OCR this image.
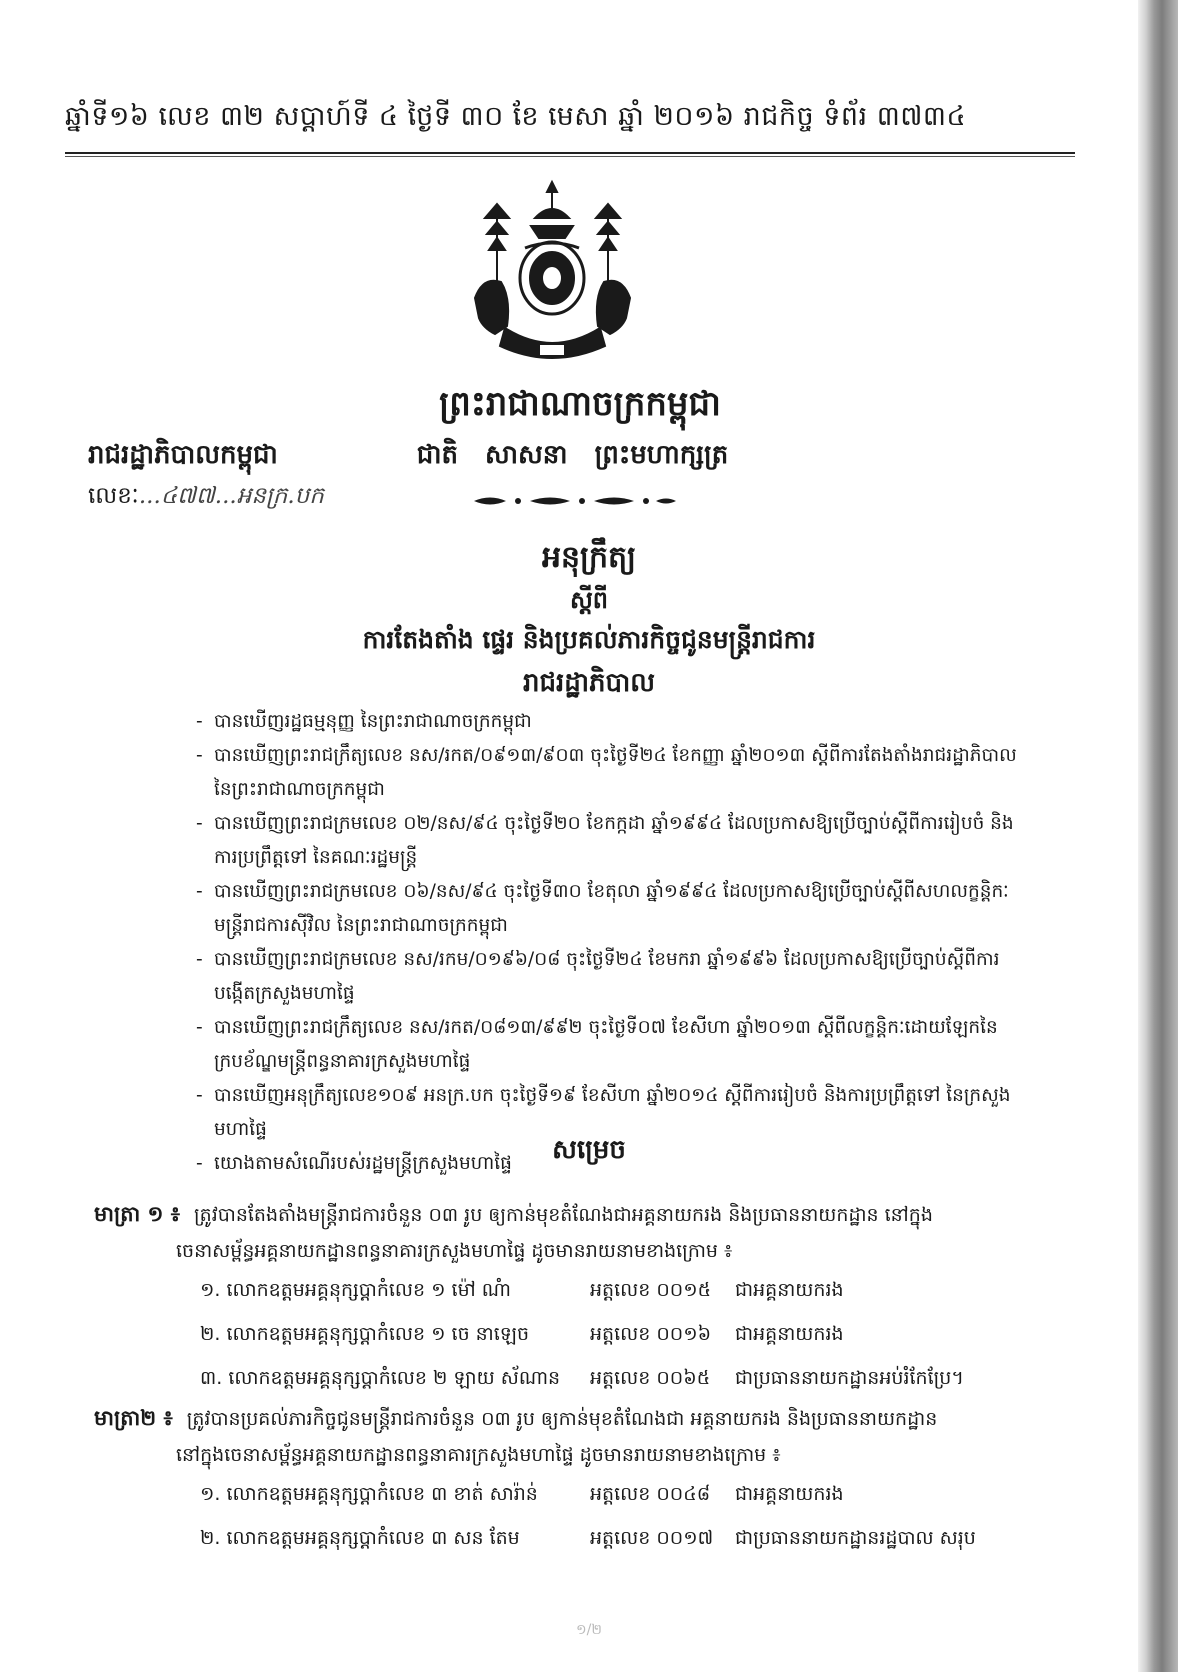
ឆ្នាំទី១៦ លេខ ៣២ សប្ដាហ៍ទី ៤ ថ្ងៃទី ៣០ ខែ មេសា ឆ្នាំ ២០១៦ រាជកិច្ច ទំព័រ ៣៧៣៤
ព្រះរាជាណាចក្រកម្ពុជា
រាជរដ្ឋាភិបាលកម្ពុជា	ជាតិ សាសនា ព្រះមហាក្សត្រ
លេខៈ...៤៧៧...អនក្រ.បក
អនុក្រឹត្យ
ស្ដីពី
ការតែងតាំង ផ្ទេរ និងប្រគល់ភារកិច្ចជូនមន្ត្រីរាជការ
រាជរដ្ឋាភិបាល
- បានឃើញរដ្ឋធម្មនុញ្ញ នៃព្រះរាជាណាចក្រកម្ពុជា
- បានឃើញព្រះរាជក្រឹត្យលេខ នស/រកត/០៩១៣/៩០៣ ចុះថ្ងៃទី២៤ ខែកញ្ញា ឆ្នាំ២០១៣ ស្ដីពីការតែងតាំងរាជរដ្ឋាភិបាល នៃព្រះរាជាណាចក្រកម្ពុជា
- បានឃើញព្រះរាជក្រមលេខ ០២/នស/៩៤ ចុះថ្ងៃទី២០ ខែកក្កដា ឆ្នាំ១៩៩៤ ដែលប្រកាសឱ្យប្រើច្បាប់ស្ដីពីការរៀបចំ និងការប្រព្រឹត្តទៅ នៃគណៈរដ្ឋមន្ត្រី
- បានឃើញព្រះរាជក្រមលេខ ០៦/នស/៩៤ ចុះថ្ងៃទី៣០ ខែតុលា ឆ្នាំ១៩៩៤ ដែលប្រកាសឱ្យប្រើច្បាប់ស្ដីពីសហលក្ខន្តិកៈ មន្ត្រីរាជការស៊ីវិល នៃព្រះរាជាណាចក្រកម្ពុជា
- បានឃើញព្រះរាជក្រមលេខ នស/រកម/០១៩៦/០៨ ចុះថ្ងៃទី២៤ ខែមករា ឆ្នាំ១៩៩៦ ដែលប្រកាសឱ្យប្រើច្បាប់ស្ដីពីការ បង្កើតក្រសួងមហាផ្ទៃ
- បានឃើញព្រះរាជក្រឹត្យលេខ នស/រកត/០៨១៣/៩៩២ ចុះថ្ងៃទី០៧ ខែសីហា ឆ្នាំ២០១៣ ស្ដីពីលក្ខន្តិកៈដោយឡែកនៃ ក្របខ័ណ្ឌមន្ត្រីពន្ធនាគារក្រសួងមហាផ្ទៃ
- បានឃើញអនុក្រឹត្យលេខ១០៩ អនក្រ.បក ចុះថ្ងៃទី១៩ ខែសីហា ឆ្នាំ២០១៤ ស្ដីពីការរៀបចំ និងការប្រព្រឹត្តទៅ នៃក្រសួងមហាផ្ទៃ
- យោងតាមសំណើរបស់រដ្ឋមន្ត្រីក្រសួងមហាផ្ទៃ	សម្រេច
មាត្រា ១ ៖ ត្រូវបានតែងតាំងមន្ត្រីរាជការចំនួន ០៣ រូប ឲ្យកាន់មុខតំណែងជាអគ្គនាយករង និងប្រធាននាយកដ្ឋាន នៅក្នុង
ចេនាសម្ព័ន្ធអគ្គនាយកដ្ឋានពន្ធនាគារក្រសួងមហាផ្ទៃ ដូចមានរាយនាមខាងក្រោម ៖
១. លោកឧត្ដមអគ្គនុក្សប្ដាកំលេខ ១ ម៉ៅ ណំា	អត្តលេខ ០០១៥ ជាអគ្គនាយករង
២. លោកឧត្ដមអគ្គនុក្សប្ដាកំលេខ ១ ចេ នាឡេច	អត្តលេខ ០០១៦ ជាអគ្គនាយករង
៣. លោកឧត្ដមអគ្គនុក្សប្ដាកំលេខ ២ ឡាយ ស័ណាន អត្តលេខ ០០៦៥ ជាប្រធាននាយកដ្ឋានអប់រំកែប្រែ។
មាត្រា២ ៖ ត្រូវបានប្រគល់ភារកិច្ចជូនមន្ត្រីរាជការចំនួន ០៣ រូប ឲ្យកាន់មុខតំណែងជា អគ្គនាយករង និងប្រធាននាយកដ្ឋាន
នៅក្នុងចេនាសម្ព័ន្ធអគ្គនាយកដ្ឋានពន្ធនាគារក្រសួងមហាផ្ទៃ ដូចមានរាយនាមខាងក្រោម ៖
១. លោកឧត្ដមអគ្គនុក្សប្ដាកំលេខ ៣ ខាត់ សារ៉ាន់	អត្តលេខ ០០៤៨ ជាអគ្គនាយករង
២. លោកឧត្ដមអគ្គនុក្សប្ដាកំលេខ ៣ សន តែម	អត្តលេខ ០០១៧ ជាប្រធាននាយកដ្ឋានរដ្ឋបាល សរុប
១/២
